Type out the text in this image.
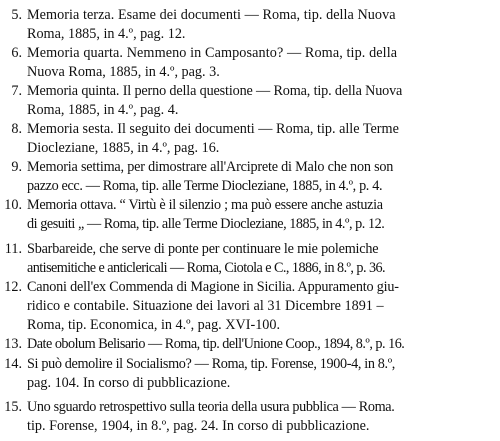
5. Memoria terza. Esame dei documenti — Roma, tip. della Nuova
Roma, 1885, in 4.º, pag. 12.
6. Memoria quarta. Nemmeno in Camposanto? — Roma, tip. della
Nuova Roma, 1885, in 4.º, pag. 3.
7. Memoria quinta. Il perno della questione — Roma, tip. della Nuova
Roma, 1885, in 4.º, pag. 4.
8. Memoria sesta. Il seguito dei documenti — Roma, tip. alle Terme
Diocleziane, 1885, in 4.º, pag. 16.
9. Memoria settima, per dimostrare all'Arciprete di Malo che non son
pazzo ecc. — Roma, tip. alle Terme Diocleziane, 1885, in 4.º, p. 4.
10. Memoria ottava. “ Virtù è il silenzio ; ma può essere anche astuzia
di gesuiti „ — Roma, tip. alle Terme Diocleziane, 1885, in 4.º, p. 12.
11. Sbarbareide, che serve di ponte per continuare le mie polemiche
antisemitiche e anticlericali — Roma, Ciotola e C., 1886, in 8.º, p. 36.
12. Canoni dell'ex Commenda di Magione in Sicilia. Appuramento giu-
ridico e contabile. Situazione dei lavori al 31 Dicembre 1891 –
Roma, tip. Economica, in 4.º, pag. XVI-100.
13. Date obolum Belisario — Roma, tip. dell'Unione Coop., 1894, 8.º, p. 16.
14. Si può demolire il Socialismo? — Roma, tip. Forense, 1900-4, in 8.º,
pag. 104. In corso di pubblicazione.
15. Uno sguardo retrospettivo sulla teoria della usura pubblica — Roma.
tip. Forense, 1904, in 8.º, pag. 24. In corso di pubblicazione.
